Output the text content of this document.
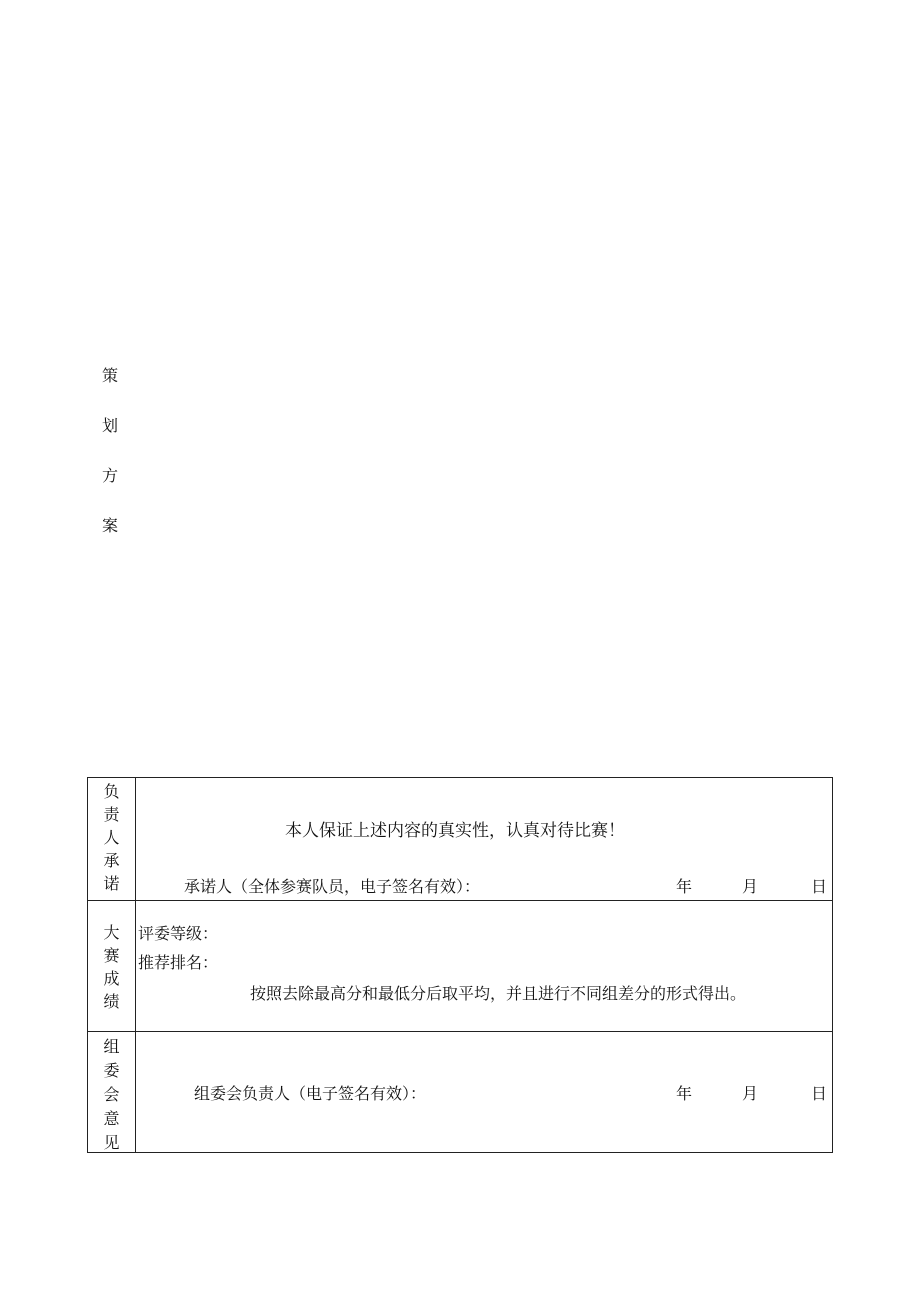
策
划
方
案
负
责
人
承
诺
本人保证上述内容的真实性，认真对待比赛！
承诺人（全体参赛队员，电子签名有效）：	年	月	日
大
赛
成
绩
评委等级：
推荐排名：
按照去除最高分和最低分后取平均，并且进行不同组差分的形式得出。
组
委
会
意
见
组委会负责人（电子签名有效）：	年	月	日
